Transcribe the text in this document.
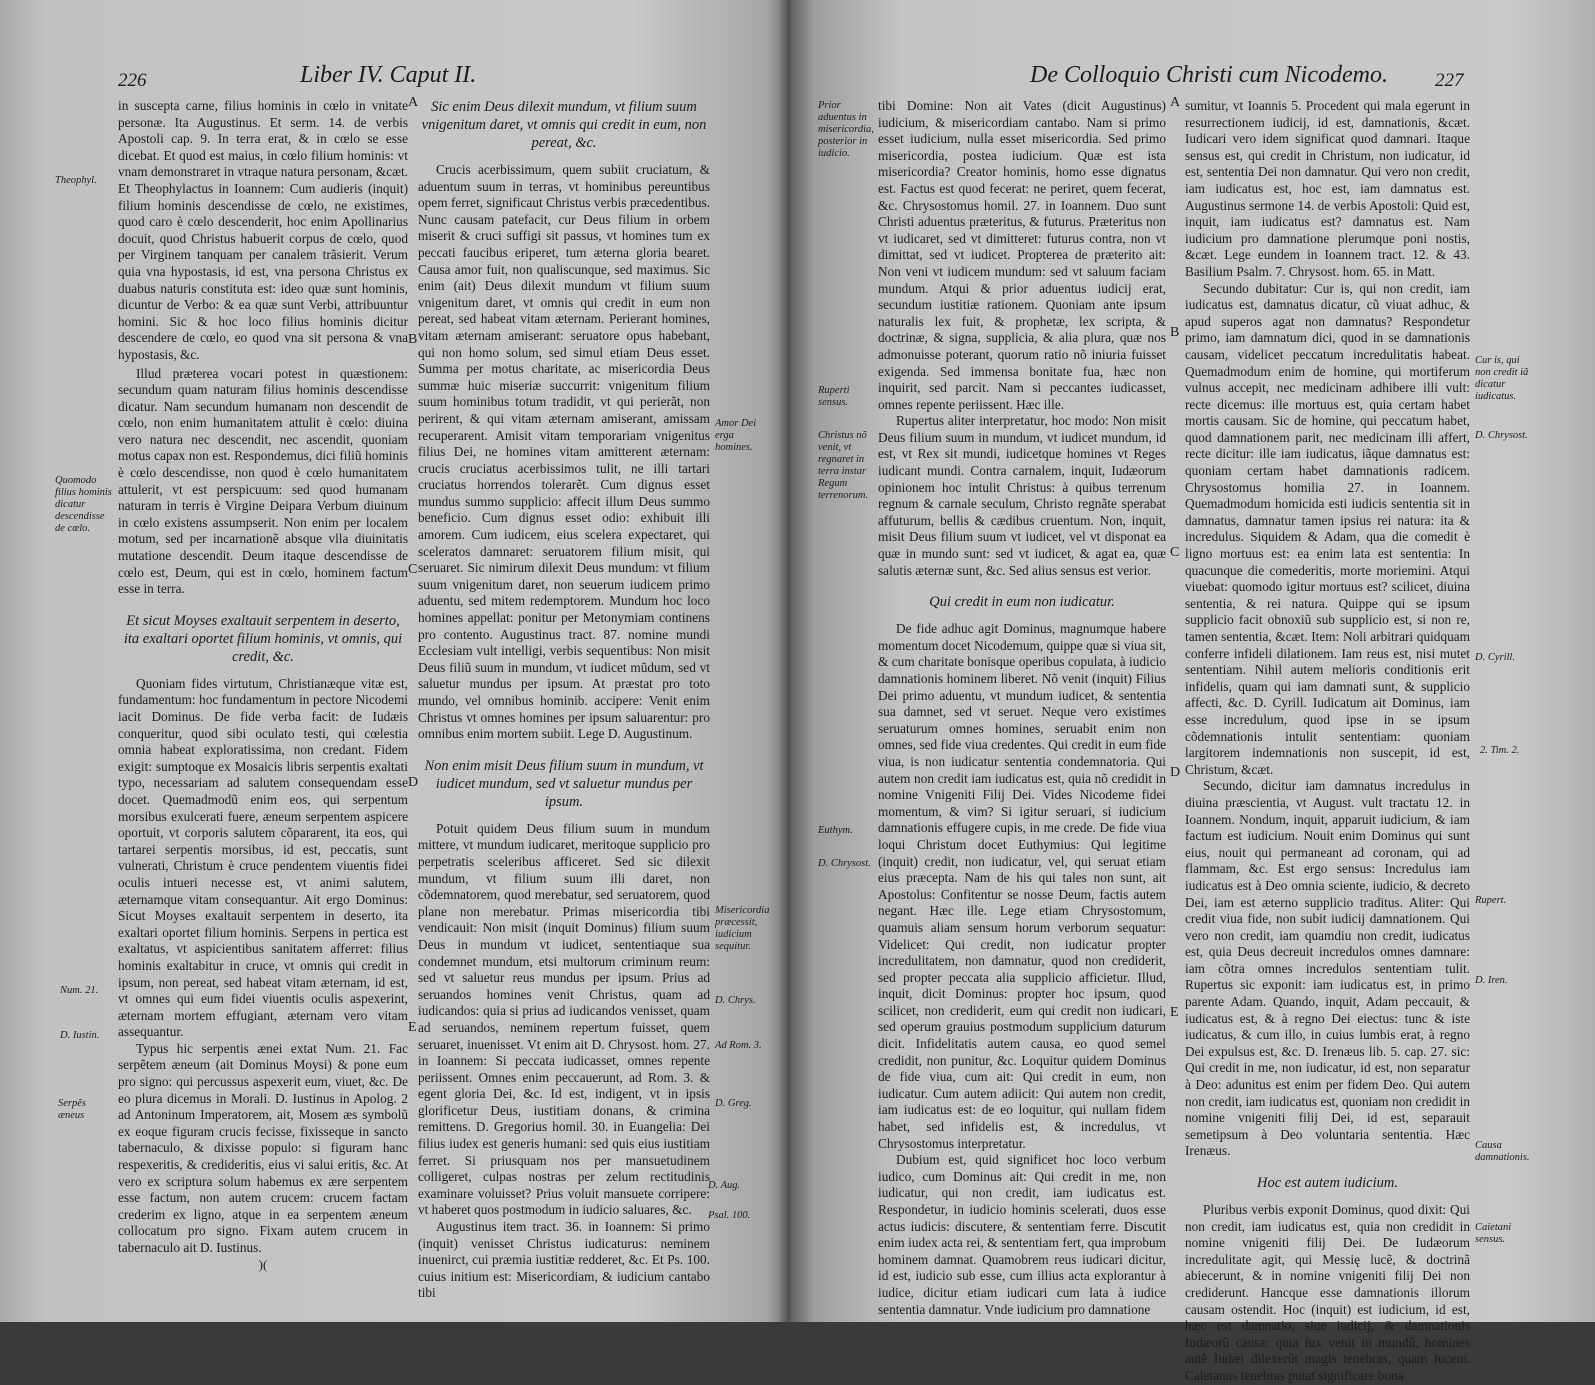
226	Liber IV. Caput II.

in suscepta carne, filius hominis in cœlo in vnitate personæ. Ita Augustinus. Et serm. 14. de verbis Apostoli cap. 9. In terra erat, & in cœlo se esse dicebat. Et quod est maius, in cœlo filium hominis: vt vnam demonstraret in vtraque natura personam, &cæt. Et Theophylactus in Ioannem: Cum audieris (inquit) filium hominis descendisse de cœlo, ne existimes, quod caro è cœlo descenderit, hoc enim Apollinarius docuit, quod Christus habuerit corpus de cœlo, quod per Virginem tanquam per canalem trãsierit. Verum quia vna hypostasis, id est, vna persona Christus ex duabus naturis constituta est: ideo quæ sunt hominis, dicuntur de Verbo: & ea quæ sunt Verbi, attribuuntur homini. Sic & hoc loco filius hominis dicitur descendere de cœlo, eo quod vna sit persona & vna hypostasis, &c.

Illud præterea vocari potest in quæstionem: secundum quam naturam filius hominis descendisse dicatur. Nam secundum humanam non descendit de cœlo, non enim humanitatem attulit è cœlo: diuina vero natura nec descendit, nec ascendit, quoniam motus capax non est. Respondemus, dici filiũ hominis è cœlo descendisse, non quod è cœlo humanitatem attulerit, vt est perspicuum: sed quod humanam naturam in terris è Virgine Deipara Verbum diuinum in cœlo existens assumpserit. Non enim per localem motum, sed per incarnationẽ absque vlla diuinitatis mutatione descendit. Deum itaque descendisse de cœlo est, Deum, qui est in cœlo, hominem factum esse in terra.

Et sicut Moyses exaltauit serpentem in deserto, ita exaltari oportet filium hominis, vt omnis, qui credit, &c.

Quoniam fides virtutum, Christianæque vitæ est, fundamentum: hoc fundamentum in pectore Nicodemi iacit Dominus. De fide verba facit: de Iudæis conqueritur, quod sibi oculato testi, qui cœlestia omnia habeat exploratissima, non credant. Fidem exigit: sumptoque ex Mosaicis libris serpentis exaltati typo, necessariam ad salutem consequendam esse docet. Quemadmodũ enim eos, qui serpentum morsibus exulcerati fuere, æneum serpentem aspicere oportuit, vt corporis salutem cõpararent, ita eos, qui tartarei serpentis morsibus, id est, peccatis, sunt vulnerati, Christum è cruce pendentem viuentis fidei oculis intueri necesse est, vt animi salutem, æternamque vitam consequantur. Ait ergo Dominus: Sicut Moyses exaltauit serpentem in deserto, ita exaltari oportet filium hominis. Serpens in pertica est exaltatus, vt aspicientibus sanitatem afferret: filius hominis exaltabitur in cruce, vt omnis qui credit in ipsum, non pereat, sed habeat vitam æternam, id est, vt omnes qui eum fidei viuentis oculis aspexerint, æternam mortem effugiant, æternam vero vitam assequantur.

Typus hic serpentis ænei extat Num. 21. Fac serpẽtem æneum (ait Dominus Moysi) & pone eum pro signo: qui percussus aspexerit eum, viuet, &c. De eo plura dicemus in Morali. D. Iustinus in Apolog. 2 ad Antoninum Imperatorem, ait, Mosem æs symbolũ ex eoque figuram crucis fecisse, fixisseque in sancto tabernaculo, & dixisse populo: si figuram hanc respexeritis, & credideritis, eius vi salui eritis, &c. At vero ex scriptura solum habemus ex ære serpentem esse factum, non autem crucem: crucem factam crederim ex ligno, atque in ea serpentem æneum collocatum pro signo. Fixam autem crucem in tabernaculo ait D. Iustinus.

)(
Sic enim Deus dilexit mundum, vt filium suum vnigenitum daret, vt omnis qui credit in eum, non pereat, &c.

Crucis acerbissimum, quem subiit cruciatum, & aduentum suum in terras, vt hominibus pereuntibus opem ferret, significaut Christus verbis præcedentibus. Nunc causam patefacit, cur Deus filium in orbem miserit & cruci suffigi sit passus, vt homines tum ex peccati faucibus eriperet, tum æterna gloria bearet. Causa amor fuit, non qualiscunque, sed maximus. Sic enim (ait) Deus dilexit mundum vt filium suum vnigenitum daret, vt omnis qui credit in eum non pereat, sed habeat vitam æternam. Perierant homines, vitam æternam amiserant: seruatore opus habebant, qui non homo solum, sed simul etiam Deus esset. Summa per motus charitate, ac misericordia Deus summæ huic miseriæ succurrit: vnigenitum filium suum hominibus totum tradidit, vt qui perierãt, non perirent, & qui vitam æternam amiserant, amissam recuperarent. Amisit vitam temporariam vnigenitus filius Dei, ne homines vitam amitterent æternam: crucis cruciatus acerbissimos tulit, ne illi tartari cruciatus horrendos tolerarẽt. Cum dignus esset mundus summo supplicio: affecit illum Deus summo beneficio. Cum dignus esset odio: exhibuit illi amorem. Cum iudicem, eius scelera expectaret, qui sceleratos damnaret: seruatorem filium misit, qui seruaret. Sic nimirum dilexit Deus mundum: vt filium suum vnigenitum daret, non seuerum iudicem primo aduentu, sed mitem redemptorem. Mundum hoc loco homines appellat: ponitur per Metonymiam continens pro contento. Augustinus tract. 87. nomine mundi Ecclesiam vult intelligi, verbis sequentibus: Non misit Deus filiũ suum in mundum, vt iudicet mũdum, sed vt saluetur mundus per ipsum. At præstat pro toto mundo, vel omnibus hominib. accipere: Venit enim Christus vt omnes homines per ipsum saluarentur: pro omnibus enim mortem subiit. Lege D. Augustinum.

Non enim misit Deus filium suum in mundum, vt iudicet mundum, sed vt saluetur mundus per ipsum.

Potuit quidem Deus filium suum in mundum mittere, vt mundum iudicaret, meritoque supplicio pro perpetratis sceleribus afficeret. Sed sic dilexit mundum, vt filium suum illi daret, non cõdemnatorem, quod merebatur, sed seruatorem, quod plane non merebatur. Primas misericordia tibi vendicauit: Non misit (inquit Dominus) filium suum Deus in mundum vt iudicet, sententiaque sua condemnet mundum, etsi multorum criminum reum: sed vt saluetur reus mundus per ipsum. Prius ad seruandos homines venit Christus, quam ad iudicandos: quia si prius ad iudicandos venisset, quam ad seruandos, neminem repertum fuisset, quem seruaret, inuenisset. Vt enim ait D. Chrysost. hom. 27. in Ioannem: Si peccata iudicasset, omnes repente periissent. Omnes enim peccauerunt, ad Rom. 3. & egent gloria Dei, &c. Id est, indigent, vt in ipsis glorificetur Deus, iustitiam donans, & crimina remittens. D. Gregorius homil. 30. in Euangelia: Dei filius iudex est generis humani: sed quis eius iustitiam ferret. Si priusquam nos per mansuetudinem colligeret, culpas nostras per zelum rectitudinis examinare voluisset? Prius voluit mansuete corripere: vt haberet quos postmodum in iudicio saluares, &c.

Augustinus item tract. 36. in Ioannem: Si primo (inquit) venisset Christus iudicaturus: neminem inuenirct, cui præmia iustitiæ redderet, &c. Et Ps. 100. cuius initium est: Misericordiam, & iudicium cantabo tibi

Theophyl.
Quomodo filius hominis dicatur descendisse de cœlo.
Num. 21.
D. Iustin.
Serpẽs æneus
Amor Dei erga homines.
Misericordia præcessit, iudicium sequitur.
D. Chrys.
Ad Rom. 3.
D. Greg.
D. Aug.
Psal. 100.
A
B
C
D
E
De Colloquio Christi cum Nicodemo. 227

tibi Domine: Non ait Vates (dicit Augustinus) iudicium, & misericordiam cantabo. Nam si primo esset iudicium, nulla esset misericordia. Sed primo misericordia, postea iudicium. Quæ est ista misericordia? Creator hominis, homo esse dignatus est. Factus est quod fecerat: ne periret, quem fecerat, &c. Chrysostomus homil. 27. in Ioannem. Duo sunt Christi aduentus præteritus, & futurus. Præteritus non vt iudicaret, sed vt dimitteret: futurus contra, non vt dimittat, sed vt iudicet. Propterea de præterito ait: Non veni vt iudicem mundum: sed vt saluum faciam mundum. Atqui & prior aduentus iudicij erat, secundum iustitiæ rationem. Quoniam ante ipsum naturalis lex fuit, & prophetæ, lex scripta, & doctrinæ, & signa, supplicia, & alia plura, quæ nos admonuisse poterant, quorum ratio nõ iniuria fuisset exigenda. Sed immensa bonitate fua, hæc non inquirit, sed parcit. Nam si peccantes iudicasset, omnes repente periissent. Hæc ille.

Rupertus aliter interpretatur, hoc modo: Non misit Deus filium suum in mundum, vt iudicet mundum, id est, vt Rex sit mundi, iudicetque homines vt Reges iudicant mundi. Contra carnalem, inquit, Iudæorum opinionem hoc intulit Christus: à quibus terrenum regnum & carnale seculum, Christo regnãte sperabat affuturum, bellis & cædibus cruentum. Non, inquit, misit Deus filium suum vt iudicet, vel vt disponat ea quæ in mundo sunt: sed vt iudicet, & agat ea, quæ salutis æternæ sunt, &c. Sed alius sensus est verior.

Qui credit in eum non iudicatur.

De fide adhuc agit Dominus, magnumque habere momentum docet Nicodemum, quippe quæ si viua sit, & cum charitate bonisque operibus copulata, à iudicio damnationis hominem liberet. Nõ venit (inquit) Filius Dei primo aduentu, vt mundum iudicet, & sententia sua damnet, sed vt seruet. Neque vero existimes seruaturum omnes homines, seruabit enim non omnes, sed fide viua credentes. Qui credit in eum fide viua, is non iudicatur sententia condemnatoria. Qui autem non credit iam iudicatus est, quia nõ credidit in nomine Vnigeniti Filij Dei. Vides Nicodeme fidei momentum, & vim? Si igitur seruari, si iudicium damnationis effugere cupis, in me crede. De fide viua loqui Christum docet Euthymius: Qui legitime (inquit) credit, non iudicatur, vel, qui seruat etiam eius præcepta. Nam de his qui tales non sunt, ait Apostolus: Confitentur se nosse Deum, factis autem negant. Hæc ille. Lege etiam Chrysostomum, quamuis aliam sensum horum verborum sequatur: Videlicet: Qui credit, non iudicatur propter incredulitatem, non damnatur, quod non crediderit, sed propter peccata alia supplicio afficietur. Illud, inquit, dicit Dominus: propter hoc ipsum, quod scilicet, non crediderit, eum qui credit non iudicari, sed operum grauius postmodum supplicium daturum dicit. Infidelitatis autem causa, eo quod semel credidit, non punitur, &c. Loquitur quidem Dominus de fide viua, cum ait: Qui credit in eum, non iudicatur. Cum autem adiicit: Qui autem non credit, iam iudicatus est: de eo loquitur, qui nullam fidem habet, sed infidelis est, & incredulus, vt Chrysostomus interpretatur.

Dubium est, quid significet hoc loco verbum iudico, cum Dominus ait: Qui credit in me, non iudicatur, qui non credit, iam iudicatus est. Respondetur, in iudicio hominis scelerati, duos esse actus iudicis: discutere, & sententiam ferre. Discutit enim iudex acta rei, & sententiam fert, qua improbum hominem damnat. Quamobrem reus iudicari dicitur, id est, iudicio sub esse, cum illius acta explorantur à iudice, dicitur etiam iudicari cum lata à iudice sententia damnatur. Vnde iudicium pro damnatione

sumitur, vt Ioannis 5. Procedent qui mala egerunt in resurrectionem iudicij, id est, damnationis, &cæt. Iudicari vero idem significat quod damnari. Itaque sensus est, qui credit in Christum, non iudicatur, id est, sententia Dei non damnatur. Qui vero non credit, iam iudicatus est, hoc est, iam damnatus est. Augustinus sermone 14. de verbis Apostoli: Quid est, inquit, iam iudicatus est? damnatus est. Nam iudicium pro damnatione plerumque poni nostis, &cæt. Lege eundem in Ioannem tract. 12. & 43. Basilium Psalm. 7. Chrysost. hom. 65. in Matt.

Secundo dubitatur: Cur is, qui non credit, iam iudicatus est, damnatus dicatur, cũ viuat adhuc, & apud superos agat non damnatus? Respondetur primo, iam damnatum dici, quod in se damnationis causam, videlicet peccatum incredulitatis habeat. Quemadmodum enim de homine, qui mortiferum vulnus accepit, nec medicinam adhibere illi vult: recte dicemus: ille mortuus est, quia certam habet mortis causam. Sic de homine, qui peccatum habet, quod damnationem parit, nec medicinam illi affert, recte dicitur: ille iam iudicatus, iãque damnatus est: quoniam certam habet damnationis radicem. Chrysostomus homilia 27. in Ioannem. Quemadmodum homicida esti iudicis sententia sit in damnatus, damnatur tamen ipsius rei natura: ita & incredulus. Siquidem & Adam, qua die comedit è ligno mortuus est: ea enim lata est sententia: In quacunque die comederitis, morte moriemini. Atqui viuebat: quomodo igitur mortuus est? scilicet, diuina sententia, & rei natura. Quippe qui se ipsum supplicio facit obnoxiũ sub supplicio est, si non re, tamen sententia, &cæt. Item: Noli arbitrari quidquam conferre infideli dilationem. Iam reus est, nisi mutet sententiam. Nihil autem melioris conditionis erit infidelis, quam qui iam damnati sunt, & supplicio affecti, &c. D. Cyrill. Iudicatum ait Dominus, iam esse incredulum, quod ipse in se ipsum cõdemnationis intulit sententiam: quoniam largitorem indemnationis non suscepit, id est, Christum, &cæt.

Secundo, dicitur iam damnatus incredulus in diuina præscientia, vt August. vult tractatu 12. in Ioannem. Nondum, inquit, apparuit iudicium, & iam factum est iudicium. Nouit enim Dominus qui sunt eius, nouit qui permaneant ad coronam, qui ad flammam, &c. Est ergo sensus: Incredulus iam iudicatus est à Deo omnia sciente, iudicio, & decreto Dei, iam est æterno supplicio traditus. Aliter: Qui credit viua fide, non subit iudicij damnationem. Qui vero non credit, iam quamdiu non credit, iudicatus est, quia Deus decreuit incredulos omnes damnare: iam cõtra omnes incredulos sententiam tulit. Rupertus sic exponit: iam iudicatus est, in primo parente Adam. Quando, inquit, Adam peccauit, & iudicatus est, & à regno Dei eiectus: tunc & iste iudicatus, & cum illo, in cuius lumbis erat, à regno Dei expulsus est, &c. D. Irenæus lib. 5. cap. 27. sic: Qui credit in me, non iudicatur, id est, non separatur à Deo: adunitus est enim per fidem Deo. Qui autem non credit, iam iudicatus est, quoniam non credidit in nomine vnigeniti filij Dei, id est, separauit semetipsum à Deo voluntaria sententia. Hæc Irenæus.

Hoc est autem iudicium.

Pluribus verbis exponit Dominus, quod dixit: Qui non credit, iam iudicatus est, quia non credidit in nomine vnigeniti filij Dei. De Iudæorum incredulitate agit, qui Messię lucẽ, & doctrinã abiecerunt, & in nomine vnigeniti filij Dei non crediderunt. Hancque esse damnationis illorum causam ostendit. Hoc (inquit) est iudicium, id est, hæc est damnatio, siue iudicij, & damnationis Iudæorũ causa: quia lux venit in mundũ, homines autẽ Iudæi dilexerũt magis tenebras, quam lucem. Caietanus tenebras putat significare bona

Prior aduentus in misericordia, posterior in iudicio.
Ruperti sensus.
Christus nõ venit, vt regnaret in terra instar Regum terrenorum.
Euthym.
D. Chrysost.
Cur is, qui non credit iã dicatur iudicatus.
D. Chrysost.
D. Cyrill.
2. Tim. 2.
Rupert.
D. Iren.
Causa damnationis.
Caietani sensus.
A
B
C
D
E
